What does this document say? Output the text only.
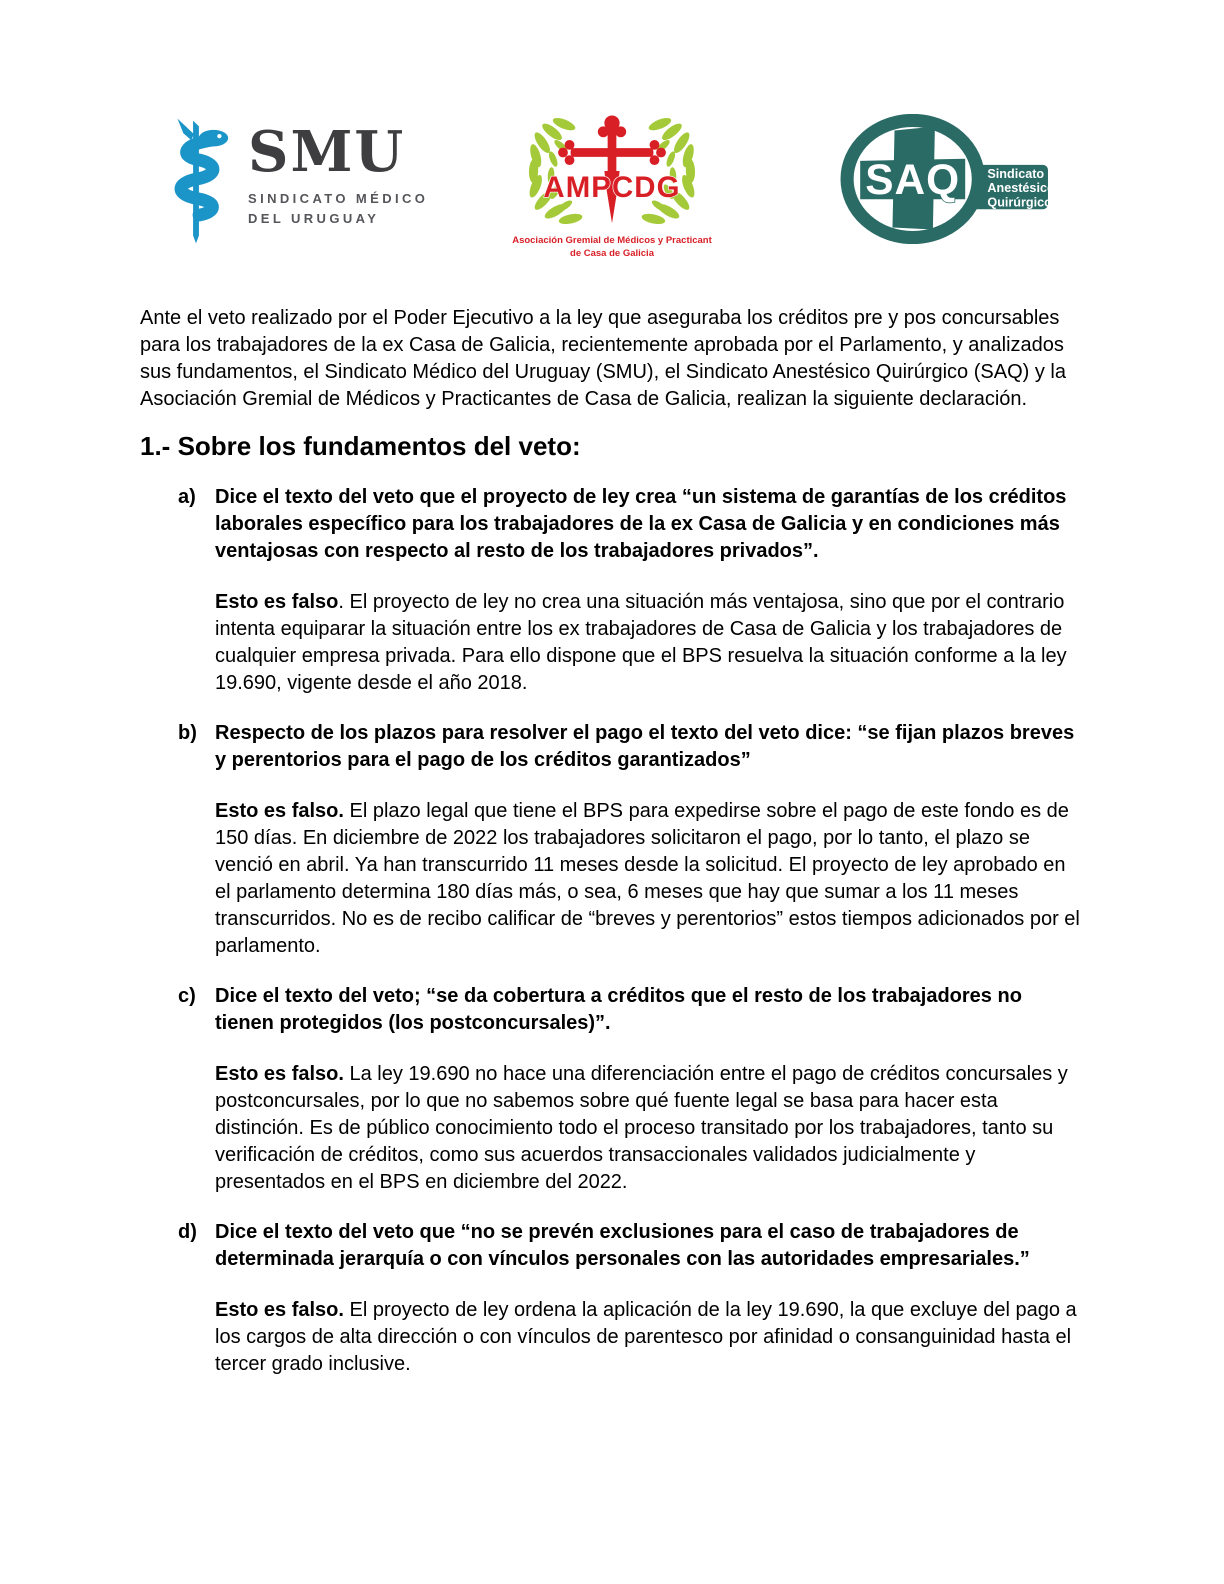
SMU
SINDICATO MÉDICO
DEL URUGUAY
AMPCDG
Asociación Gremial de Médicos y Practicant
de Casa de Galicia
Sindicato
Anestésico
Quirúrgico
SAQ

Ante el veto realizado por el Poder Ejecutivo a la ley que aseguraba los créditos pre y pos concursables para los trabajadores de la ex Casa de Galicia, recientemente aprobada por el Parlamento, y analizados sus fundamentos, el Sindicato Médico del Uruguay (SMU), el Sindicato Anestésico Quirúrgico (SAQ) y la Asociación Gremial de Médicos y Practicantes de Casa de Galicia, realizan la siguiente declaración.

1.- Sobre los fundamentos del veto:

a) Dice el texto del veto que el proyecto de ley crea “un sistema de garantías de los créditos laborales específico para los trabajadores de la ex Casa de Galicia y en condiciones más ventajosas con respecto al resto de los trabajadores privados”.

Esto es falso. El proyecto de ley no crea una situación más ventajosa, sino que por el contrario intenta equiparar la situación entre los ex trabajadores de Casa de Galicia y los trabajadores de cualquier empresa privada. Para ello dispone que el BPS resuelva la situación conforme a la ley 19.690, vigente desde el año 2018.

b) Respecto de los plazos para resolver el pago el texto del veto dice: “se fijan plazos breves y perentorios para el pago de los créditos garantizados”

Esto es falso. El plazo legal que tiene el BPS para expedirse sobre el pago de este fondo es de 150 días. En diciembre de 2022 los trabajadores solicitaron el pago, por lo tanto, el plazo se venció en abril. Ya han transcurrido 11 meses desde la solicitud. El proyecto de ley aprobado en el parlamento determina 180 días más, o sea, 6 meses que hay que sumar a los 11 meses transcurridos. No es de recibo calificar de “breves y perentorios” estos tiempos adicionados por el parlamento.

c) Dice el texto del veto; “se da cobertura a créditos que el resto de los trabajadores no tienen protegidos (los postconcursales)”.

Esto es falso. La ley 19.690 no hace una diferenciación entre el pago de créditos concursales y postconcursales, por lo que no sabemos sobre qué fuente legal se basa para hacer esta distinción. Es de público conocimiento todo el proceso transitado por los trabajadores, tanto su verificación de créditos, como sus acuerdos transaccionales validados judicialmente y presentados en el BPS en diciembre del 2022.

d) Dice el texto del veto que “no se prevén exclusiones para el caso de trabajadores de determinada jerarquía o con vínculos personales con las autoridades empresariales.”

Esto es falso. El proyecto de ley ordena la aplicación de la ley 19.690, la que excluye del pago a los cargos de alta dirección o con vínculos de parentesco por afinidad o consanguinidad hasta el tercer grado inclusive.
